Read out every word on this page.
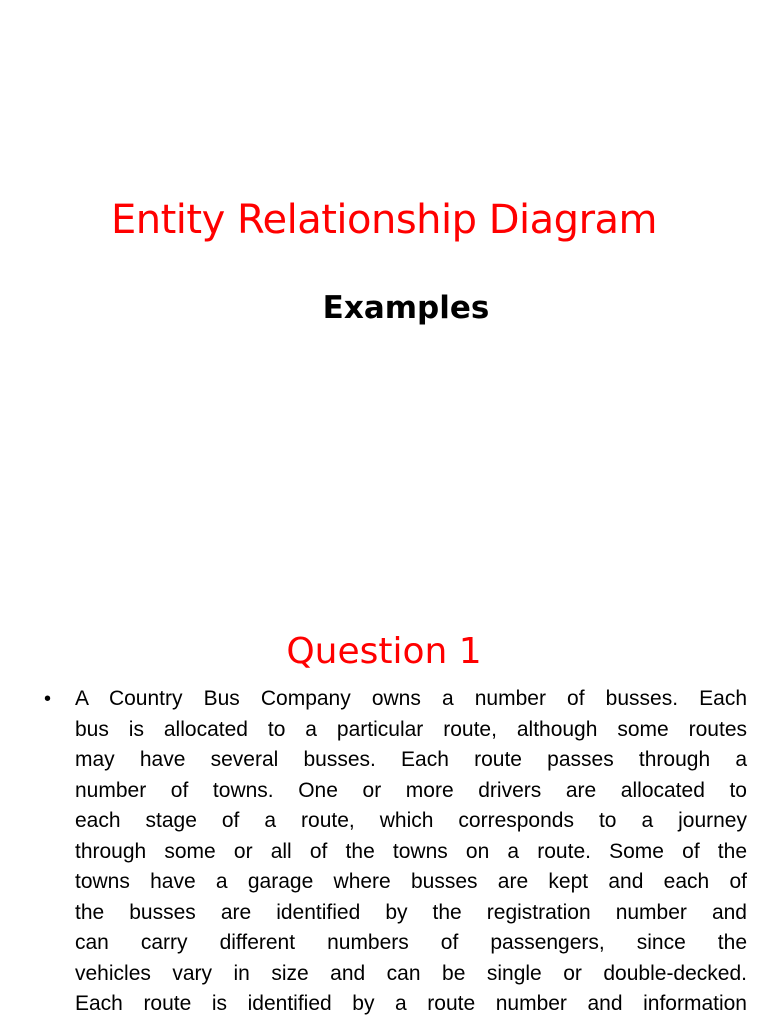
Entity Relationship Diagram
Examples
Question 1
• A Country Bus Company owns a number of busses. Each
bus is allocated to a particular route, although some routes
may have several busses. Each route passes through a
number of towns. One or more drivers are allocated to
each stage of a route, which corresponds to a journey
through some or all of the towns on a route. Some of the
towns have a garage where busses are kept and each of
the busses are identified by the registration number and
can carry different numbers of passengers, since the
vehicles vary in size and can be single or double-decked.
Each route is identified by a route number and information
